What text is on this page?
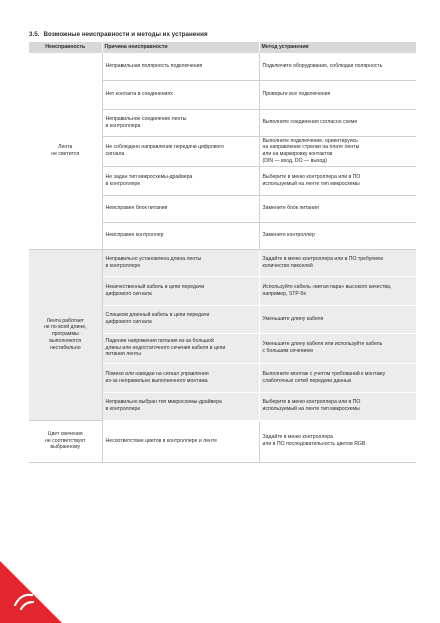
3.5. Возможные неисправности и методы их устранения
Неисправность	Причина неисправности	Метод устранения

Лента
не светится	Неправильная полярность подключения	Подключите оборудование, соблюдая полярность

	Нет контакта в соединениях	Проверьте все подключения

	Неправильное соединение ленты
и контроллера	Выполните соединения согласно схеме

	Не соблюдено направление передачи цифрового
сигнала	Выполните подключение, ориентируясь
на направление стрелки на плате ленты
или на маркировку контактов
(DIN — вход, DO — выход)

	Не задан тип микросхемы-драйвера
в контроллере	Выберите в меню контроллера или в ПО
используемый на ленте тип микросхемы

	Неисправен блок питания	Замените блок питания

	Неисправен контроллер	Замените контроллер

Лента работает
не по всей длине,
программы
выполняются
нестабильно	Неправильно установлена длина ленты
в контроллере	Задайте в меню контроллера или в ПО требуемое
количество пикселей

	Некачественный кабель в цепи передачи
цифрового сигнала	Используйте кабель «витая пара» высокого качества,
например, STP-5e

	Слишком длинный кабель в цепи передачи
цифрового сигнала	Уменьшите длину кабеля

	Падение напряжения питания из-за большой
длины или недостаточного сечения кабеля в цепи
питания ленты	Уменьшите длину кабеля или используйте кабель
с большим сечением

	Помехи или наводки на сигнал управления
из-за неправильно выполненного монтажа	Выполните монтаж с учетом требований к монтажу
слаботочных сетей передачи данных

	Неправильно выбран тип микросхемы-драйвера
в контроллере	Выберите в меню контроллера или в ПО
используемый на ленте тип микросхемы

Цвет свечения
не соответствует
выбранному	Несоответствие цветов в контроллере и ленте	Задайте в меню контроллера
или в ПО последовательность цветов RGB
